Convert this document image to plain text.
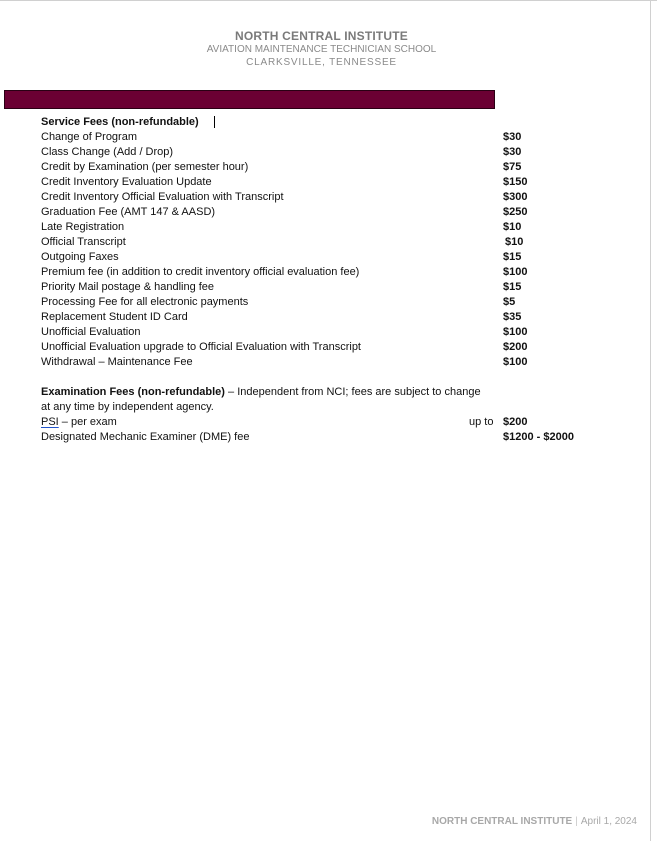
NORTH CENTRAL INSTITUTE
AVIATION MAINTENANCE TECHNICIAN SCHOOL
CLARKSVILLE, TENNESSEE
Service Fees (non-refundable)
Change of Program	$30
Class Change (Add / Drop)	$30
Credit by Examination (per semester hour)	$75
Credit Inventory Evaluation Update	$150
Credit Inventory Official Evaluation with Transcript	$300
Graduation Fee (AMT 147 & AASD)	$250
Late Registration	$10
Official Transcript	$10
Outgoing Faxes	$15
Premium fee (in addition to credit inventory official evaluation fee)	$100
Priority Mail postage & handling fee	$15
Processing Fee for all electronic payments	$5
Replacement Student ID Card	$35
Unofficial Evaluation	$100
Unofficial Evaluation upgrade to Official Evaluation with Transcript	$200
Withdrawal – Maintenance Fee	$100
Examination Fees (non-refundable) – Independent from NCI; fees are subject to change at any time by independent agency.
PSI – per exam	up to $200
Designated Mechanic Examiner (DME) fee	$1200 - $2000
NORTH CENTRAL INSTITUTE | April 1, 2024
